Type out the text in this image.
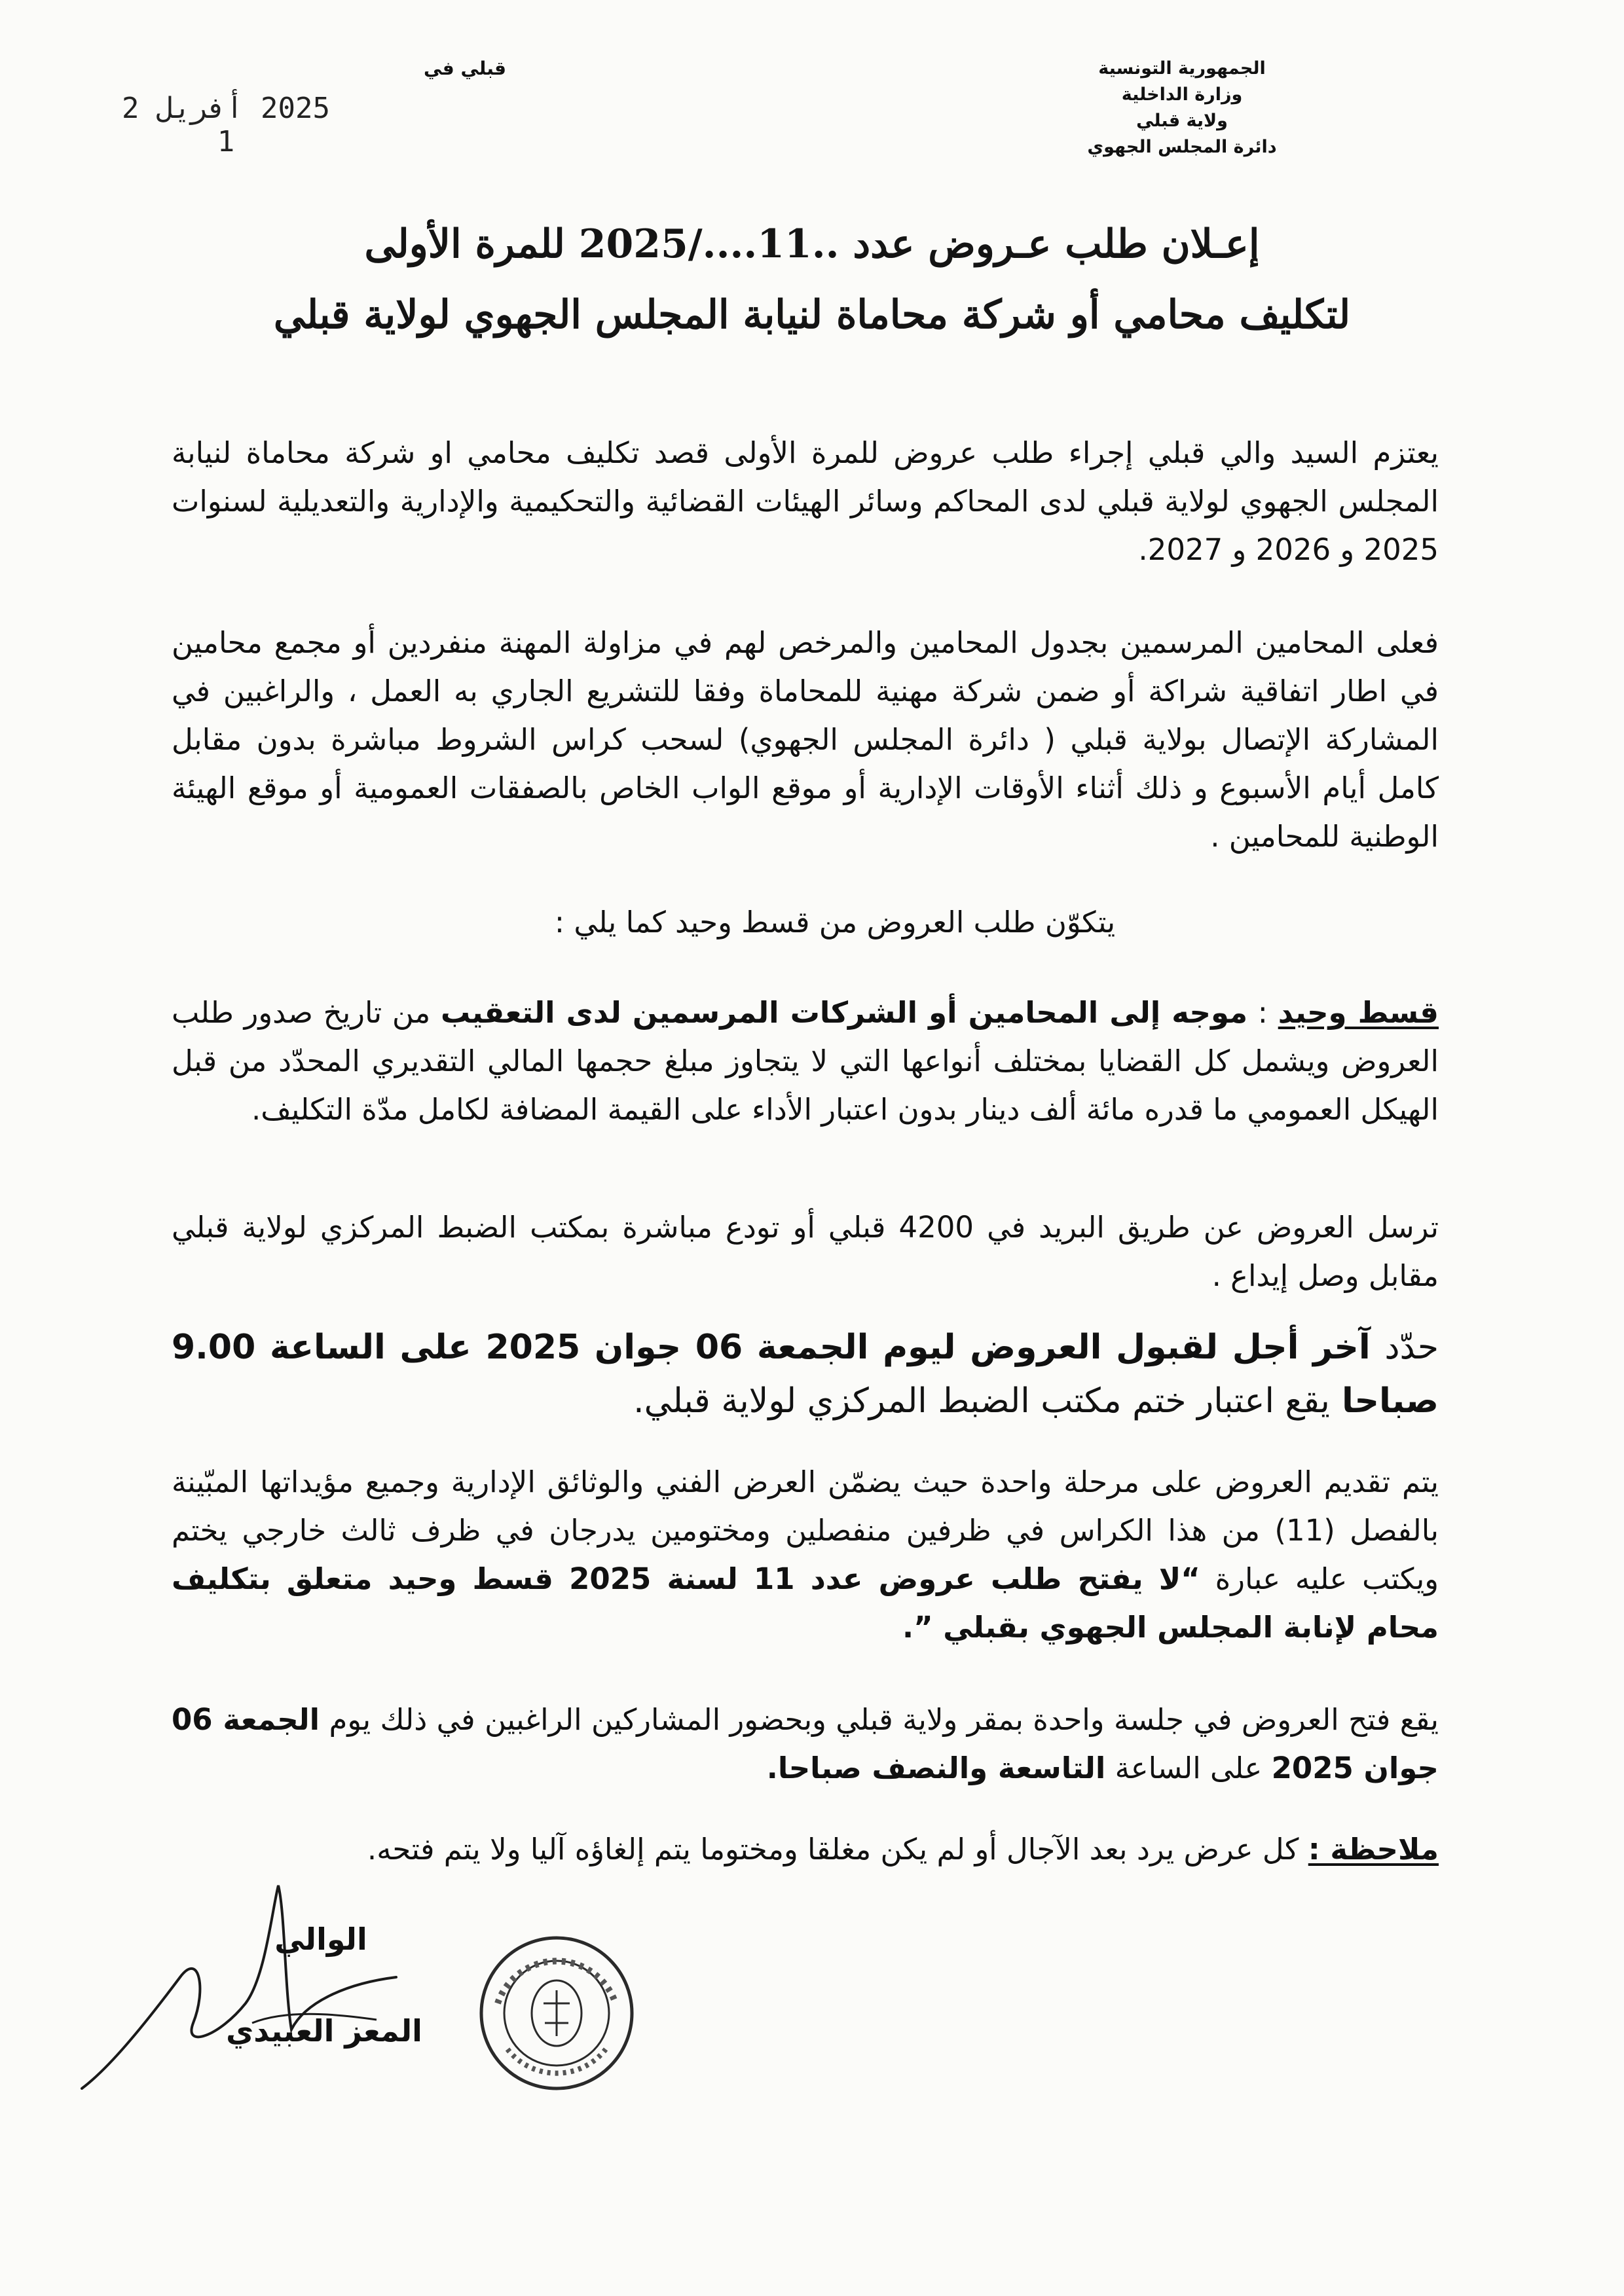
الجمهورية التونسية
وزارة الداخلية
ولاية قبلي
دائرة المجلس الجهوي
قبلي في
2025 أفريل 2 1
إعـلان طلب عـروض عدد ..11..../2025 للمرة الأولى
لتكليف محامي أو شركة محاماة لنيابة المجلس الجهوي لولاية قبلي
يعتزم السيد والي قبلي إجراء طلب عروض للمرة الأولى قصد تكليف محامي او شركة محاماة لنيابة المجلس الجهوي لولاية قبلي لدى المحاكم وسائر الهيئات القضائية والتحكيمية والإدارية والتعديلية لسنوات 2025 و 2026 و 2027.
فعلى المحامين المرسمين بجدول المحامين والمرخص لهم في مزاولة المهنة منفردين أو مجمع محامين في اطار اتفاقية شراكة أو ضمن شركة مهنية للمحاماة وفقا للتشريع الجاري به العمل ، والراغبين في المشاركة الإتصال بولاية قبلي ( دائرة المجلس الجهوي) لسحب كراس الشروط مباشرة بدون مقابل كامل أيام الأسبوع و ذلك أثناء الأوقات الإدارية أو موقع الواب الخاص بالصفقات العمومية أو موقع الهيئة الوطنية للمحامين .
يتكوّن طلب العروض من قسط وحيد كما يلي :
قسط وحيد : موجه إلى المحامين أو الشركات المرسمين لدى التعقيب من تاريخ صدور طلب العروض ويشمل كل القضايا بمختلف أنواعها التي لا يتجاوز مبلغ حجمها المالي التقديري المحدّد من قبل الهيكل العمومي ما قدره مائة ألف دينار بدون اعتبار الأداء على القيمة المضافة لكامل مدّة التكليف.
ترسل العروض عن طريق البريد في 4200 قبلي أو تودع مباشرة بمكتب الضبط المركزي لولاية قبلي مقابل وصل إيداع .
حدّد آخر أجل لقبول العروض ليوم الجمعة 06 جوان 2025 على الساعة 9.00 صباحا يقع اعتبار ختم مكتب الضبط المركزي لولاية قبلي.
يتم تقديم العروض على مرحلة واحدة حيث يضمّن العرض الفني والوثائق الإدارية وجميع مؤيداتها المبّينة بالفصل (11) من هذا الكراس في ظرفين منفصلين ومختومين يدرجان في ظرف ثالث خارجي يختم ويكتب عليه عبارة “لا يفتح طلب عروض عدد 11 لسنة 2025 قسط وحيد متعلق بتكليف محام لإنابة المجلس الجهوي بقبلي ”.
يقع فتح العروض في جلسة واحدة بمقر ولاية قبلي وبحضور المشاركين الراغبين في ذلك يوم الجمعة 06 جوان 2025 على الساعة التاسعة والنصف صباحا.
ملاحظة : كل عرض يرد بعد الآجال أو لم يكن مغلقا ومختوما يتم إلغاؤه آليا ولا يتم فتحه.
الوالي
المعز العبيدي
